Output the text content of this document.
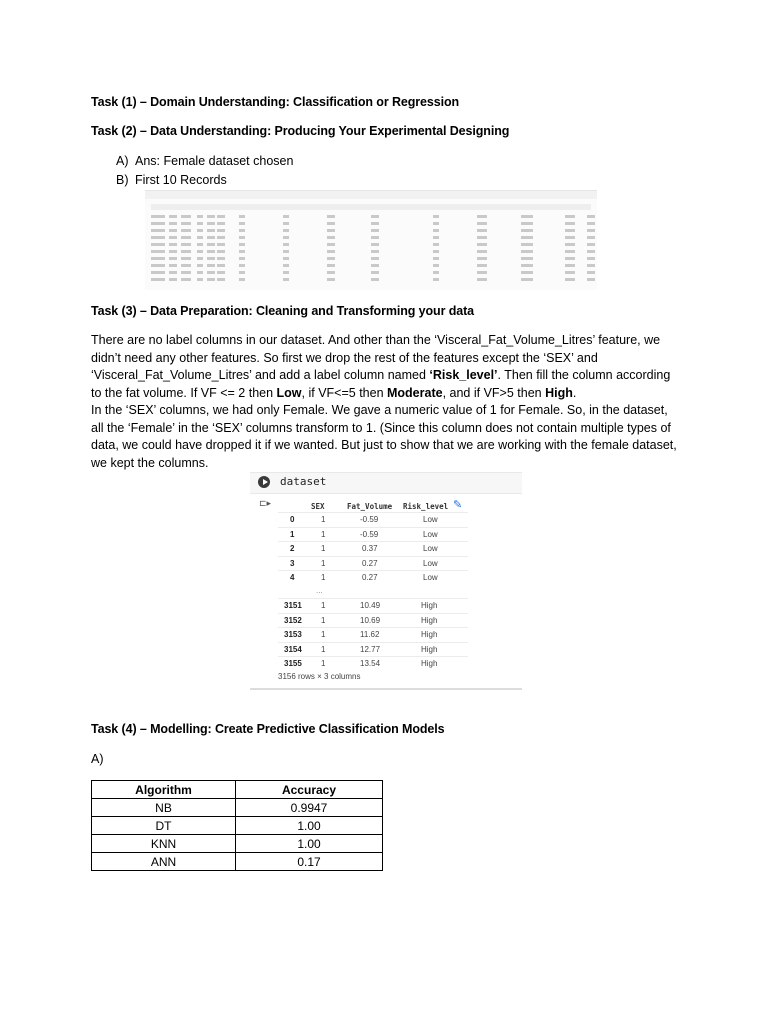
Task (1) – Domain Understanding: Classification or Regression
Task (2) – Data Understanding: Producing Your Experimental Designing
A) Ans: Female dataset chosen
B) First 10 Records
Task (3) – Data Preparation: Cleaning and Transforming your data
There are no label columns in our dataset. And other than the ‘Visceral_Fat_Volume_Litres’ feature, we didn’t need any other features. So first we drop the rest of the features except the ‘SEX’ and ‘Visceral_Fat_Volume_Litres’ and add a label column named ‘Risk_level’. Then fill the column according to the fat volume. If VF <= 2 then Low, if VF<=5 then Moderate, and if VF>5 then High.
In the ‘SEX’ columns, we had only Female. We gave a numeric value of 1 for Female. So, in the dataset, all the ‘Female’ in the ‘SEX’ columns transform to 1. (Since this column does not contain multiple types of data, we could have dropped it if we wanted. But just to show that we are working with the female dataset, we kept the columns.
dataset
⊏▸	✎
SEX	Fat_Volume Risk_level
0	1	-0.59	Low
1	1	-0.59	Low
2	1	0.37	Low
3	1	0.27	Low
4	1	0.27	Low
3151 1	10.49	High
3152 1	10.69	High
3153 1	11.62	High
3154 1	12.77	High
3155 1	13.54	High
...
3156 rows × 3 columns
Task (4) – Modelling: Create Predictive Classification Models
A)
Algorithm	Accuracy
NB	0.9947
DT	1.00
KNN	1.00
ANN	0.17
